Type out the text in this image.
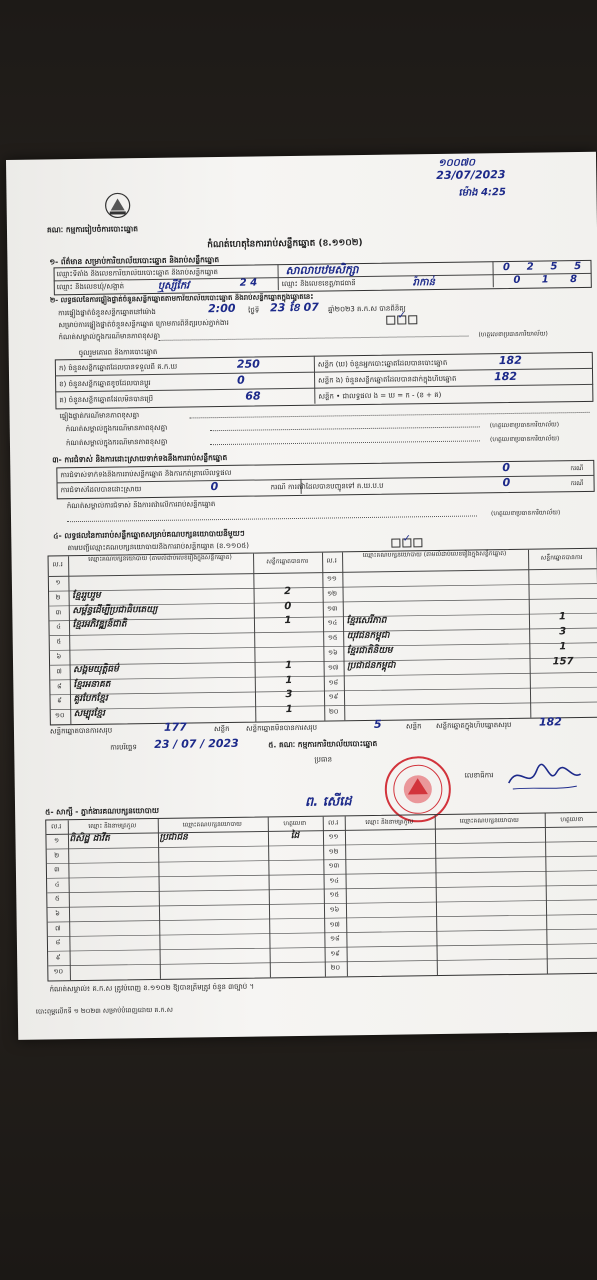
១០០៧០
23/07/2023
ម៉ោង 4:25
គណៈ កម្មការរៀបចំការបោះឆ្នោត
កំណត់ហេតុនៃការរាប់សន្លឹកឆ្នោត (ខ.១១០២)
១- ព័ត៌មាន សម្រាប់ការិយាល័យបោះឆ្នោត និងរាប់សន្លឹកឆ្នោត
ឈ្មោះទីតាំង និងលេខការិយាល័យបោះឆ្នោត និងរាប់សន្លឹកឆ្នោត	សាលាបឋមសិក្សា	0 2 5 5
ឈ្មោះ និងលេខឃុំ/សង្កាត់	ឬស្សីកែវ	2 4	ឈ្មោះ និងលេខខេត្ត/រាជធានី	រ៉ាកាន់	0 1 8
២- លទ្ធផលនៃការផ្ទៀងផ្ទាត់ចំនួនសន្លឹកឆ្នោតតាមការិយាល័យបោះឆ្នោត និងរាប់សន្លឹកឆ្នោតក្នុងឆ្នោតនេះ
ការផ្ទៀងផ្ទាត់ចំនួនសន្លឹកឆ្នោតនៅម៉ោង	2:00 ថ្ងៃទី 23 ខែ 07 ឆ្នាំ២០២3 គ.ក.ស បានពិនិត្យ
សម្រាប់ការផ្ទៀងផ្ទាត់ចំនួនសន្លឹកឆ្នោត ក្រោមការពិនិត្យរបស់ភ្នាក់ងារ

✓

កំណត់សម្គាល់ក្នុងករណីមានភាពខុសគ្នា	(ហត្ថលេខាប្រធានការិយាល័យ)
ចូលរួមគោរព និងការបោះឆ្នោត
ក) ចំនួនសន្លឹកឆ្នោតដែលបានទទួលពី គ.ក.ឃ	250	សន្លឹក (ឃ) ចំនួនអ្នកបោះឆ្នោតដែលបានបោះឆ្នោត	182
ខ) ចំនួនសន្លឹកឆ្នោតខូចដែលបានប្តូរ	0	សន្លឹក ង) ចំនួនសន្លឹកឆ្នោតដែលបានដាក់ក្នុងហិបឆ្នោត	182
គ) ចំនួនសន្លឹកឆ្នោតដែលមិនបានប្រើ	68	សន្លឹក • ជាលទ្ធផល ង = ឃ = ក - (ខ + គ)
ផ្ទៀងផ្ទាត់ករណីមានភាពខុសគ្នា
កំណត់សម្គាល់ក្នុងករណីមានភាពខុសគ្នា	(ហត្ថលេខាប្រធានការិយាល័យ)
កំណត់សម្គាល់ក្នុងករណីមានភាពខុសគ្នា	(ហត្ថលេខាប្រធានការិយាល័យ)
៣- ការជំទាស់ និងការដោះស្រាយទាក់ទងនឹងការរាប់សន្លឹកឆ្នោត
ការជំទាស់ទាក់ទងនឹងការរាប់សន្លឹកឆ្នោត និងការកត់ត្រាលើលទ្ធផល	0	ករណី
ការជំទាស់ដែលបានដោះស្រាយ	0	ករណី ការតវ៉ាដែលបានបញ្ជូនទៅ គ.ឃ.ប.ប	0	ករណី
កំណត់សម្គាល់ការជំទាស់ និងការតវ៉ាលើការរាប់សន្លឹកឆ្នោត
(ហត្ថលេខាប្រធានការិយាល័យ)
៤- លទ្ធផលនៃការរាប់សន្លឹកឆ្នោតសម្រាប់គណបក្សនយោបាយនីមួយៗ
តាមបញ្ជីឈ្មោះគណបក្សនយោបាយនិងការរាប់សន្លឹកឆ្នោត (ខ.១១០៥)

✓

ល.រ
ឈ្មោះគណបក្សនយោបាយ (តាមលំដាប់លេខរៀងក្នុងសន្លឹកឆ្នោត)	សន្លឹកឆ្នោតបានការ
១
២	ខ្មែររួបរួម	2
៣	សម្ព័ន្ធដើម្បីប្រជាធិបតេយ្យ	0
៤	ខ្មែរអភិវឌ្ឍន៍ជាតិ	1
៥
៦
៧	សង្គមយុត្តិធម៌	1
៨	ខ្មែរអនាគត	1
៩	គួរបែកខ្មែរ	3
១០	សម្បុរខ្មែរ	1
ល.រ
ឈ្មោះគណបក្សនយោបាយ (តាមលំដាប់លេខរៀងក្នុងសន្លឹកឆ្នោត)	សន្លឹកឆ្នោតបានការ
១១
១២
១៣
១៤	ខ្មែរសេរីភាព	1
១៥	យុវជនកម្ពុជា	3
១៦	ខ្មែរជាតិនិយម	1
១៧ ប្រជាជនកម្ពុជា	157
១៨
១៩
២០
សន្លឹកឆ្នោតបានការសរុប	177	សន្លឹក សន្លឹកឆ្នោតមិនបានការសរុប	5	សន្លឹក សន្លឹកឆ្នោតក្នុងហិបឆ្នោតសរុប	182
ការបរិច្ឆេទ 23 / 07 / 2023	៥. គណៈ កម្មការការិយាល័យបោះឆ្នោត
ប្រធាន
លេខាធិការ
ព. សើដេ
៥- សាក្សី - ភ្នាក់ងារគណបក្សនយោបាយ
ល.រ	ឈ្មោះ និងនាមត្រកូល	ឈ្មោះគណបក្សនយោបាយ	ហត្ថលេខា
១	ពិសិដ្ឋ ដាវីត	ប្រជាជន	ដៃ
២
៣
៤
៥
៦
៧
៨
៩
១០
ល.រ	ឈ្មោះ និងនាមត្រកូល	ឈ្មោះគណបក្សនយោបាយ	ហត្ថលេខា
១១
១២
១៣
១៤
១៥
១៦
១៧
១៨
១៩
២០
កំណត់សម្គាល់៖ គ.ក.ស ត្រូវបំពេញ ខ.១១០២ ឱ្យបានត្រឹមត្រូវ ចំនួន ៣ច្បាប់ ។
បោះពុម្ពលើកទី ១ ២០២៣ សម្រាប់បំពេញដោយ គ.ក.ស
